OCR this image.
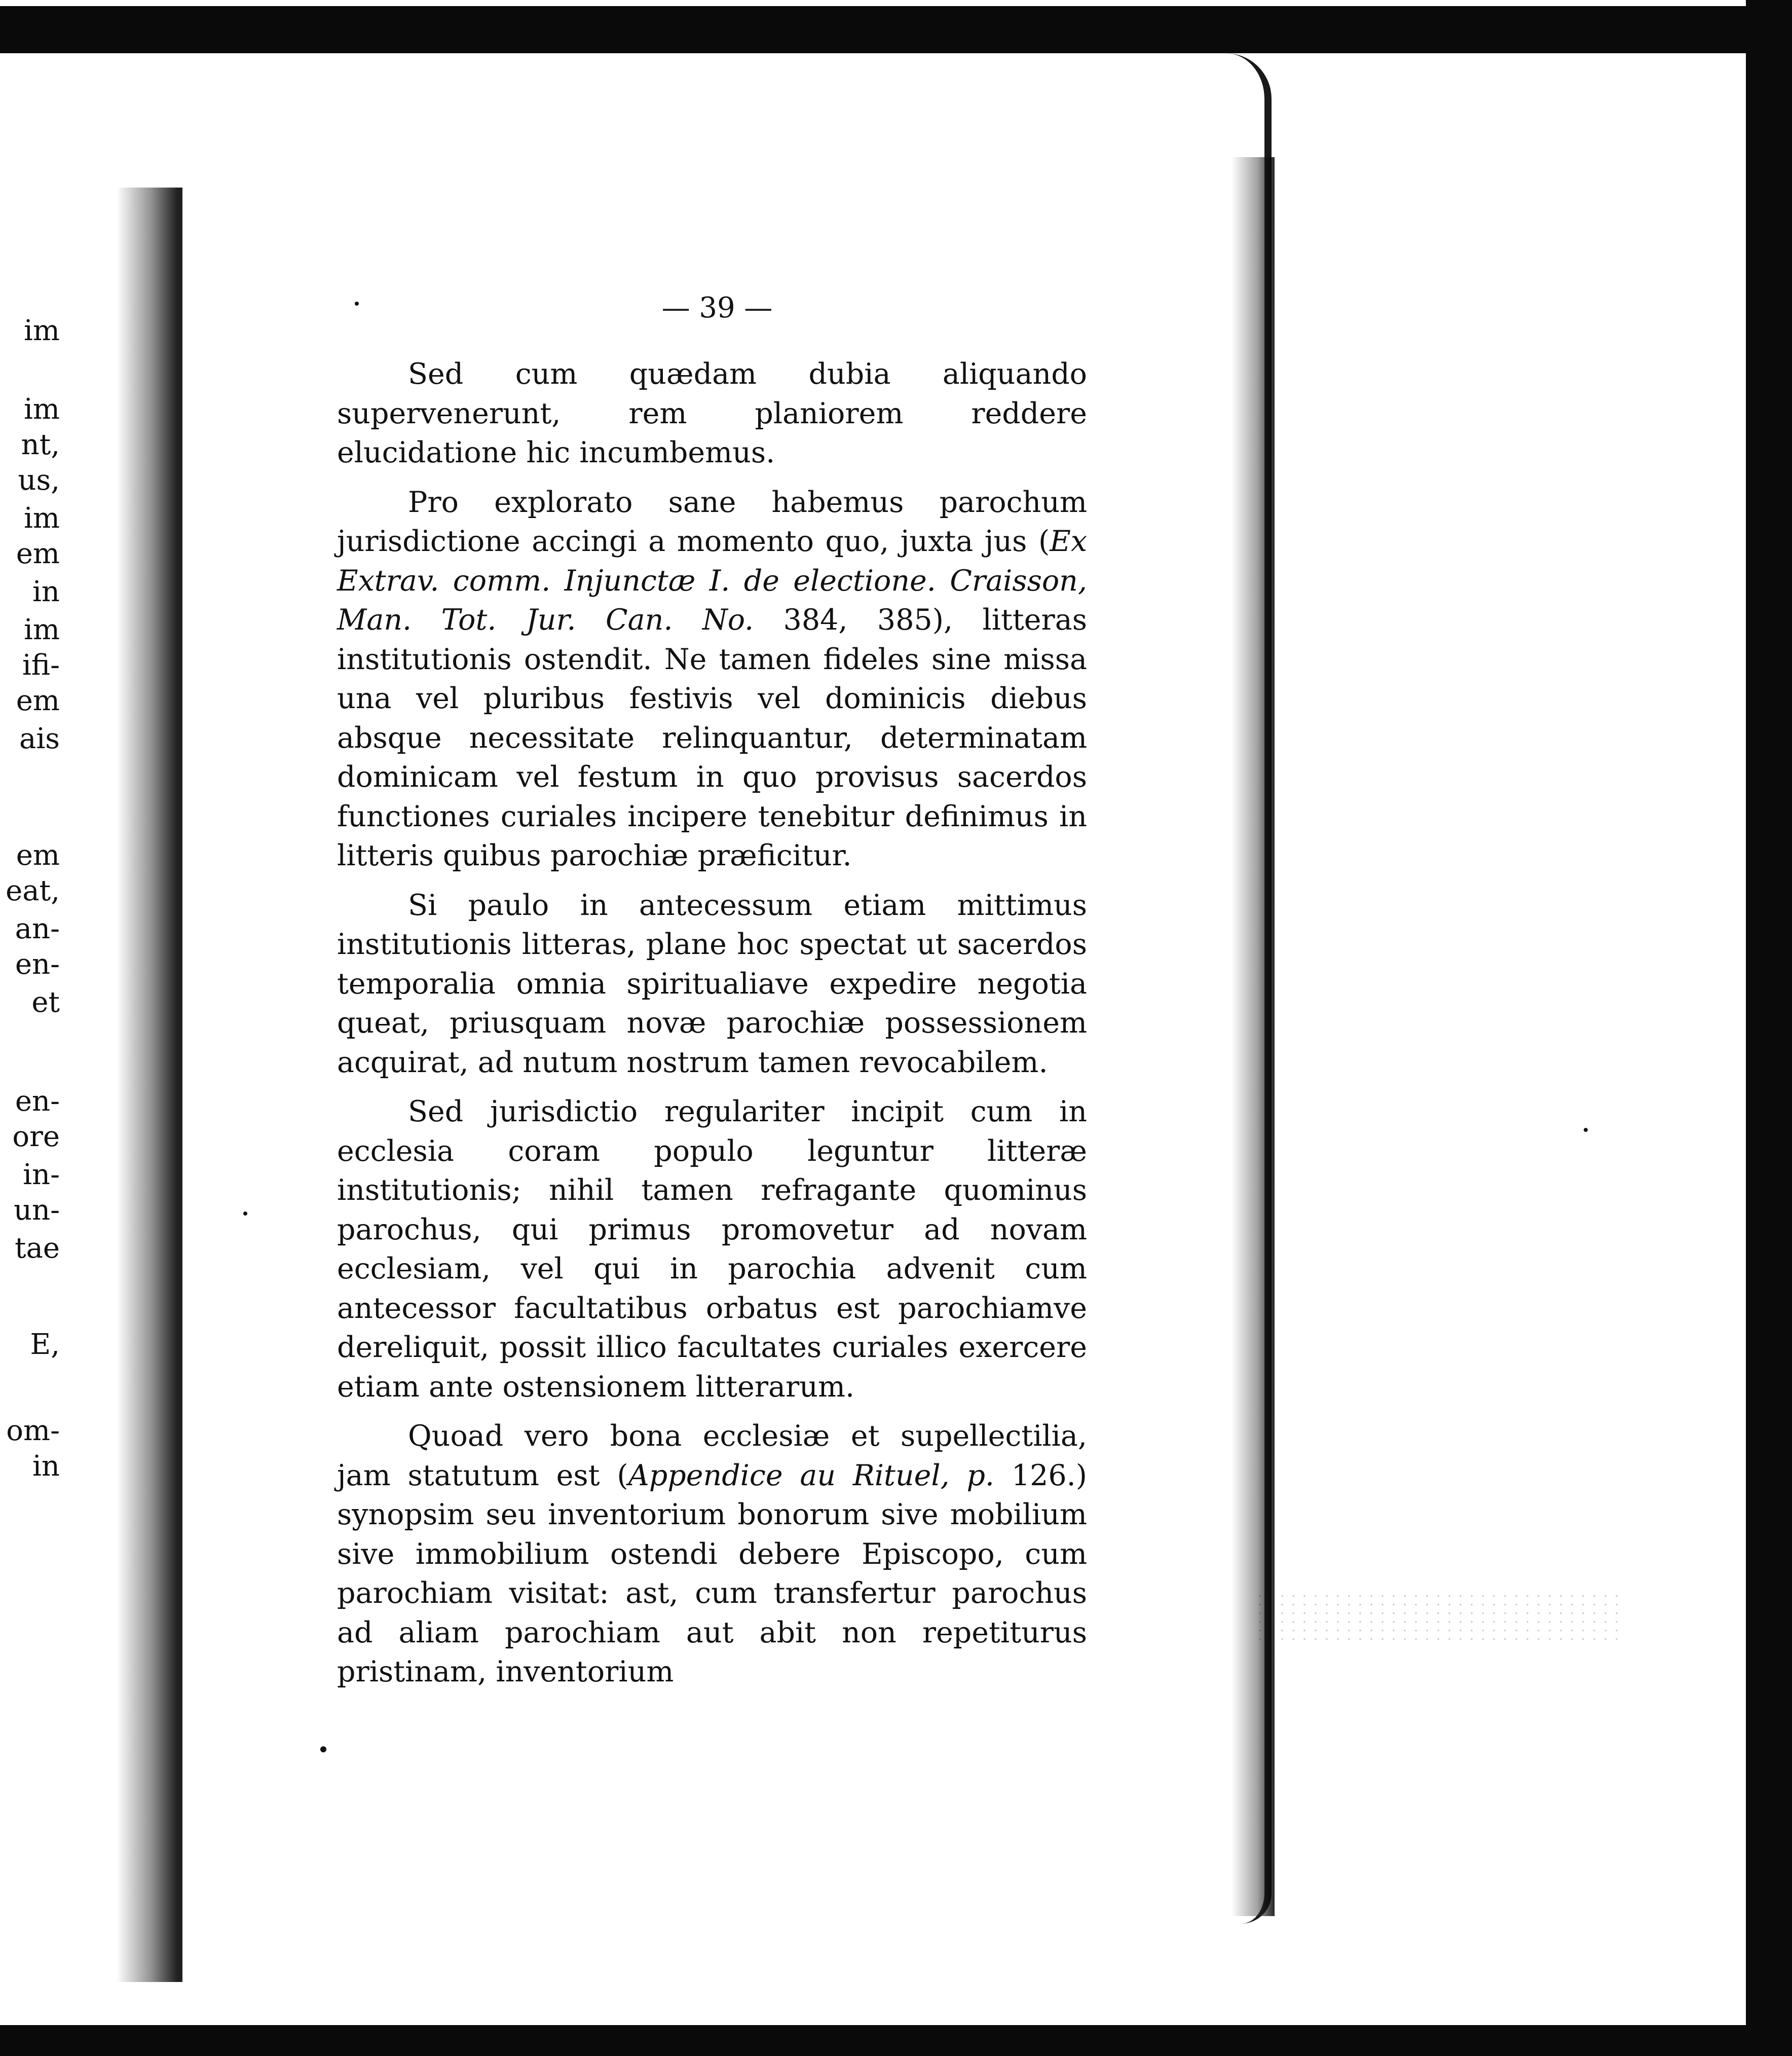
im
im
nt,
us,
im
em
in
im
ifi-
em
ais
em
eat,
an-
en-
et
en-
ore
in-
un-
tae
E,
om-
in
— 39 —

Sed cum quædam dubia aliquando supervenerunt, rem planiorem reddere elucidatione hic incumbemus.

Pro explorato sane habemus parochum jurisdictione accingi a momento quo, juxta jus (Ex Extrav. comm. Injunctæ I. de electione. Craisson, Man. Tot. Jur. Can. No. 384, 385), litteras institutionis ostendit. Ne tamen fideles sine missa una vel pluribus festivis vel dominicis diebus absque necessitate relinquantur, determinatam dominicam vel festum in quo provisus sacerdos functiones curiales incipere tenebitur definimus in litteris quibus parochiæ præficitur.

Si paulo in antecessum etiam mittimus institutionis litteras, plane hoc spectat ut sacerdos temporalia omnia spiritualiave expedire negotia queat, priusquam novæ parochiæ possessionem acquirat, ad nutum nostrum tamen revocabilem.

Sed jurisdictio regulariter incipit cum in ecclesia coram populo leguntur litteræ institutionis; nihil tamen refragante quominus parochus, qui primus promovetur ad novam ecclesiam, vel qui in parochia advenit cum antecessor facultatibus orbatus est parochiamve dereliquit, possit illico facultates curiales exercere etiam ante ostensionem litterarum.

Quoad vero bona ecclesiæ et supellectilia, jam statutum est (Appendice au Rituel, p. 126.) synopsim seu inventorium bonorum sive mobilium sive immobilium ostendi debere Episcopo, cum parochiam visitat: ast, cum transfertur parochus ad aliam parochiam aut abit non repetiturus pristinam, inventorium
